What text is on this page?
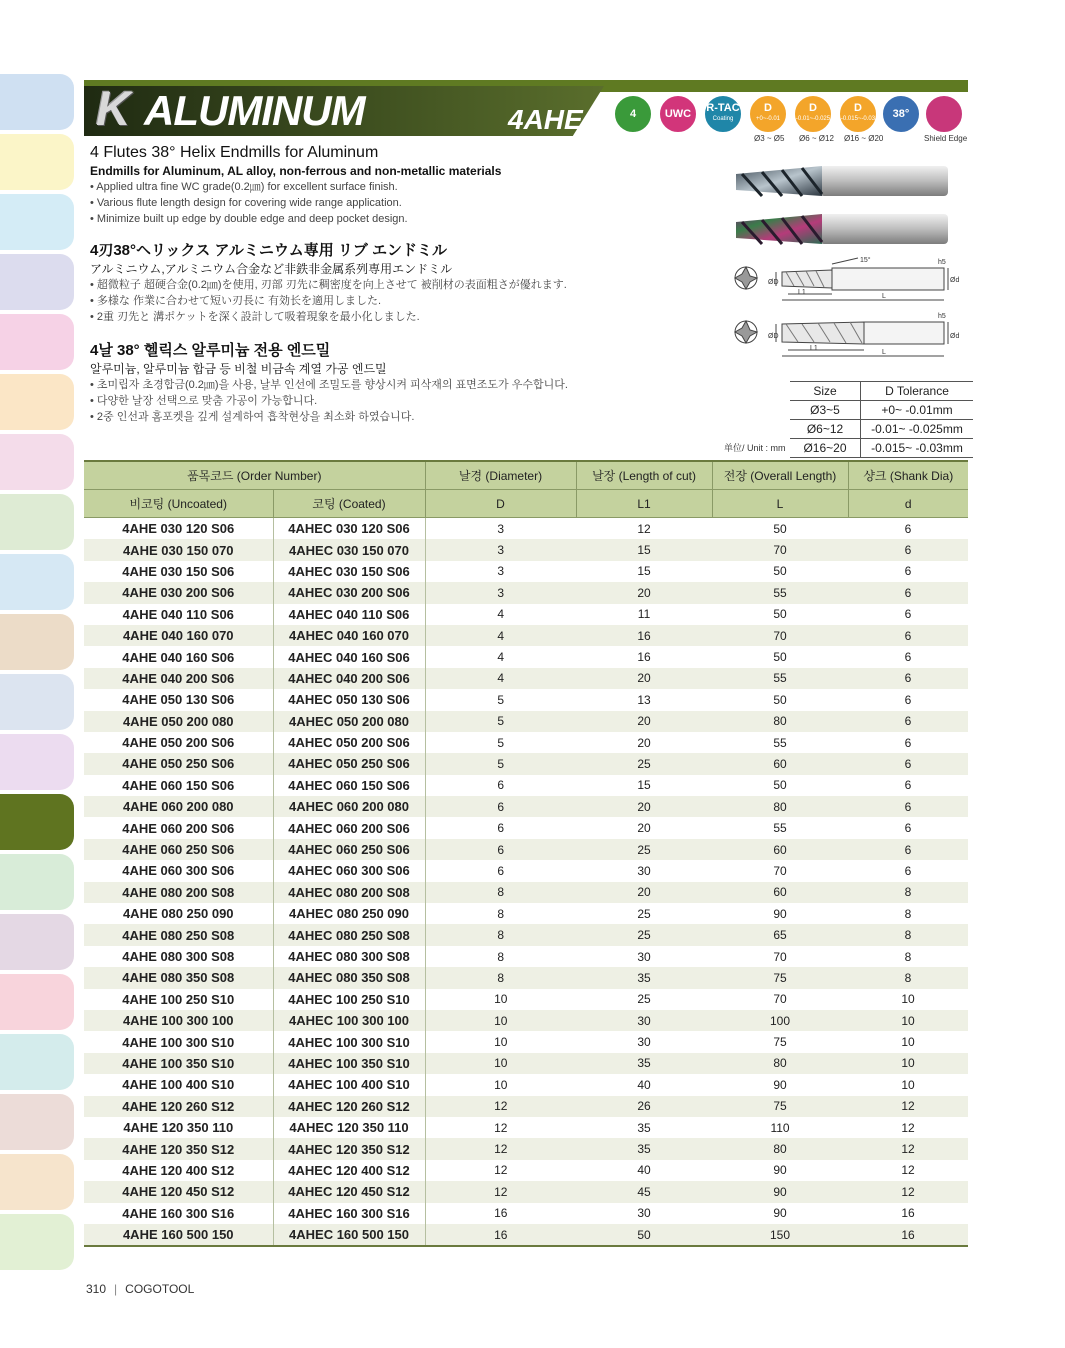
K ALUMINUM	4AHE	4	UWC R-TAC
Coating
D
+0~-0.01
Ø3 ~ Ø5
D
-0.01~-0.025
Ø6 ~ Ø12
D
-0.015~-0.03
Ø16 ~ Ø20
38°
Shield Edge
4 Flutes 38° Helix Endmills for Aluminum
Endmills for Aluminum, AL alloy, non-ferrous and non-metallic materials
• Applied ultra fine WC grade(0.2㎛) for excellent surface finish.
• Various flute length design for covering wide range application.
• Minimize built up edge by double edge and deep pocket design.
4刃38°ヘリックス アルミニウム専用 リブ エンドミル
アルミニウム,アルミニウム合金など非鉄非金属系列専用エンドミル
• 超微粒子 超硬合金(0.2㎛)を使用, 刃部 刃先に稠密度を向上させて 被削材の表面粗さが優れます.
• 多様な 作業に合わせて短い刃長に 有効长を適用しました.
• 2重 刃先と 溝ポケットを深く設計して吸着現象を最小化しました.
4날 38° 헬릭스 알루미늄 전용 엔드밀
알루미늄, 알루미늄 합금 등 비철 비금속 계열 가공 엔드밀
• 초미립자 초경합금(0.2㎛)을 사용, 날부 인선에 조밀도를 향상시켜 피삭재의 표면조도가 우수합니다.
• 다양한 날장 선택으로 맞춤 가공이 가능합니다.
• 2중 인선과 홈포켓을 깊게 설계하여 흡착현상을 최소화 하였습니다.
15°	h5
ØD	Ød
L1
L
h5
ØD	Ød
L1
L
Size	D Tolerance
Ø3~5	+0~ -0.01mm
Ø6~12	-0.01~ -0.025mm
Ø16~20	-0.015~ -0.03mm
单位/ Unit : mm
품목코드 (Order Number)		날경 (Diameter)	날장 (Length of cut)	전장 (Overall Length)	샹크 (Shank Dia)
비코팅 (Uncoated)	코팅 (Coated)	D	L1	L	d
4AHE 030 120 S06	4AHEC 030 120 S06	3	12	50	6
4AHE 030 150 070	4AHEC 030 150 070	3	15	70	6
4AHE 030 150 S06	4AHEC 030 150 S06	3	15	50	6
4AHE 030 200 S06	4AHEC 030 200 S06	3	20	55	6
4AHE 040 110 S06	4AHEC 040 110 S06	4	11	50	6
4AHE 040 160 070	4AHEC 040 160 070	4	16	70	6
4AHE 040 160 S06	4AHEC 040 160 S06	4	16	50	6
4AHE 040 200 S06	4AHEC 040 200 S06	4	20	55	6
4AHE 050 130 S06	4AHEC 050 130 S06	5	13	50	6
4AHE 050 200 080	4AHEC 050 200 080	5	20	80	6
4AHE 050 200 S06	4AHEC 050 200 S06	5	20	55	6
4AHE 050 250 S06	4AHEC 050 250 S06	5	25	60	6
4AHE 060 150 S06	4AHEC 060 150 S06	6	15	50	6
4AHE 060 200 080	4AHEC 060 200 080	6	20	80	6
4AHE 060 200 S06	4AHEC 060 200 S06	6	20	55	6
4AHE 060 250 S06	4AHEC 060 250 S06	6	25	60	6
4AHE 060 300 S06	4AHEC 060 300 S06	6	30	70	6
4AHE 080 200 S08	4AHEC 080 200 S08	8	20	60	8
4AHE 080 250 090	4AHEC 080 250 090	8	25	90	8
4AHE 080 250 S08	4AHEC 080 250 S08	8	25	65	8
4AHE 080 300 S08	4AHEC 080 300 S08	8	30	70	8
4AHE 080 350 S08	4AHEC 080 350 S08	8	35	75	8
4AHE 100 250 S10	4AHEC 100 250 S10	10	25	70	10
4AHE 100 300 100	4AHEC 100 300 100	10	30	100	10
4AHE 100 300 S10	4AHEC 100 300 S10	10	30	75	10
4AHE 100 350 S10	4AHEC 100 350 S10	10	35	80	10
4AHE 100 400 S10	4AHEC 100 400 S10	10	40	90	10
4AHE 120 260 S12	4AHEC 120 260 S12	12	26	75	12
4AHE 120 350 110	4AHEC 120 350 110	12	35	110	12
4AHE 120 350 S12	4AHEC 120 350 S12	12	35	80	12
4AHE 120 400 S12	4AHEC 120 400 S12	12	40	90	12
4AHE 120 450 S12	4AHEC 120 450 S12	12	45	90	12
4AHE 160 300 S16	4AHEC 160 300 S16	16	30	90	16
4AHE 160 500 150	4AHEC 160 500 150	16	50	150	16
310 | COGOTOOL
